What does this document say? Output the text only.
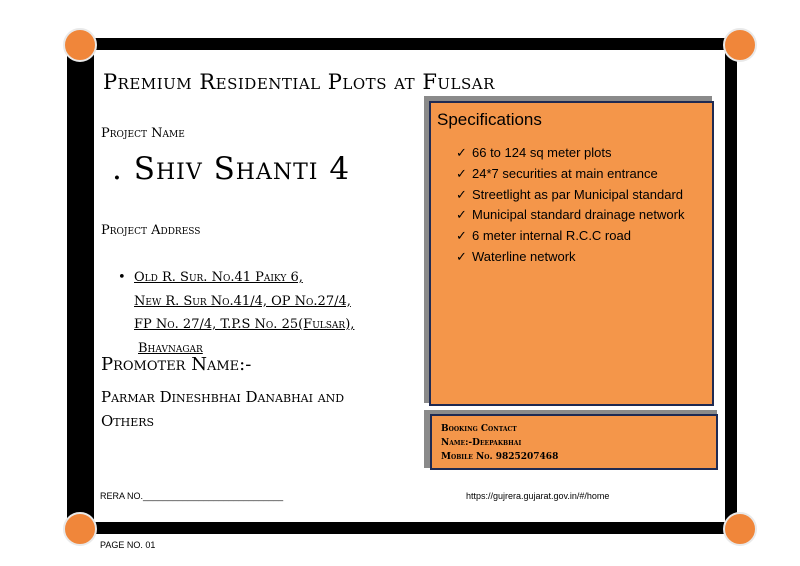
Premium Residential Plots at Fulsar
Project Name
. Shiv Shanti 4
Project Address
• Old R. Sur. No.41 Paiky 6,
New R. Sur No.41/4, OP No.27/4,
FP No. 27/4, T.P.S No. 25(Fulsar),
Bhavnagar
Promoter Name:-
Parmar Dineshbhai Danabhai and Others
Specifications
✓ 66 to 124 sq meter plots
✓ 24*7 securities at main entrance
✓ Streetlight as par Municipal standard
✓ Municipal standard drainage network
✓ 6 meter internal R.C.C road
✓ Waterline network
Booking Contact
Name:-Deepakbhai
Mobile No. 9825207468
RERA NO.____________________________	https://gujrera.gujarat.gov.in/#/home
PAGE NO. 01
